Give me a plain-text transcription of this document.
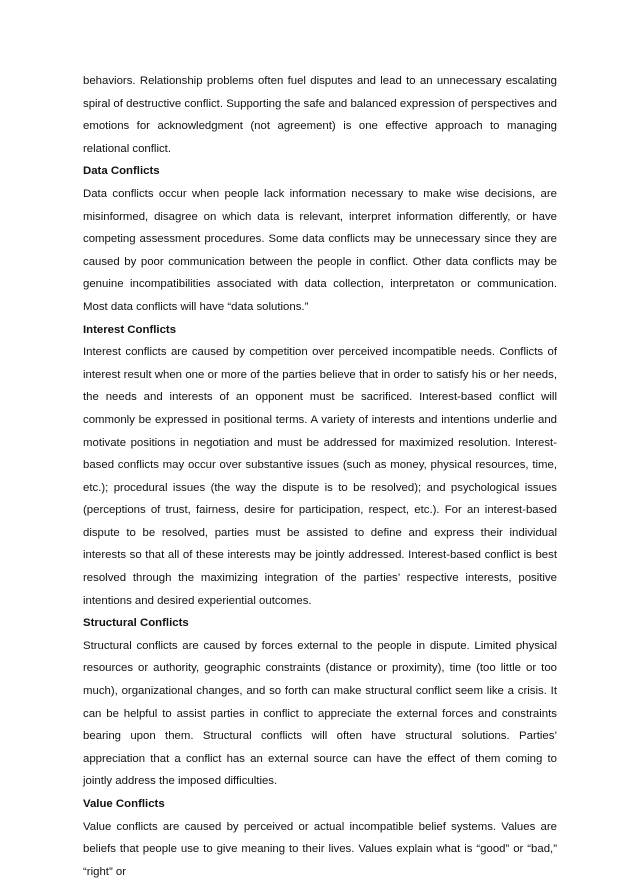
behaviors. Relationship problems often fuel disputes and lead to an unnecessary escalating spiral of destructive conflict. Supporting the safe and balanced expression of perspectives and emotions for acknowledgment (not agreement) is one effective approach to managing relational conflict.

Data Conflicts

Data conflicts occur when people lack information necessary to make wise decisions, are misinformed, disagree on which data is relevant, interpret information differently, or have competing assessment procedures. Some data conflicts may be unnecessary since they are caused by poor communication between the people in conflict. Other data conflicts may be genuine incompatibilities associated with data collection, interpretaton or communication. Most data conflicts will have “data solutions.”

Interest Conflicts

Interest conflicts are caused by competition over perceived incompatible needs. Conflicts of interest result when one or more of the parties believe that in order to satisfy his or her needs, the needs and interests of an opponent must be sacrificed. Interest-based conflict will commonly be expressed in positional terms. A variety of interests and intentions underlie and motivate positions in negotiation and must be addressed for maximized resolution. Interest-based conflicts may occur over substantive issues (such as money, physical resources, time, etc.); procedural issues (the way the dispute is to be resolved); and psychological issues (perceptions of trust, fairness, desire for participation, respect, etc.). For an interest-based dispute to be resolved, parties must be assisted to define and express their individual interests so that all of these interests may be jointly addressed. Interest-based conflict is best resolved through the maximizing integration of the parties’ respective interests, positive intentions and desired experiential outcomes.

Structural Conflicts

Structural conflicts are caused by forces external to the people in dispute. Limited physical resources or authority, geographic constraints (distance or proximity), time (too little or too much), organizational changes, and so forth can make structural conflict seem like a crisis. It can be helpful to assist parties in conflict to appreciate the external forces and constraints bearing upon them. Structural conflicts will often have structural solutions. Parties’ appreciation that a conflict has an external source can have the effect of them coming to jointly address the imposed difficulties.

Value Conflicts

Value conflicts are caused by perceived or actual incompatible belief systems. Values are beliefs that people use to give meaning to their lives. Values explain what is “good” or “bad,” “right” or
